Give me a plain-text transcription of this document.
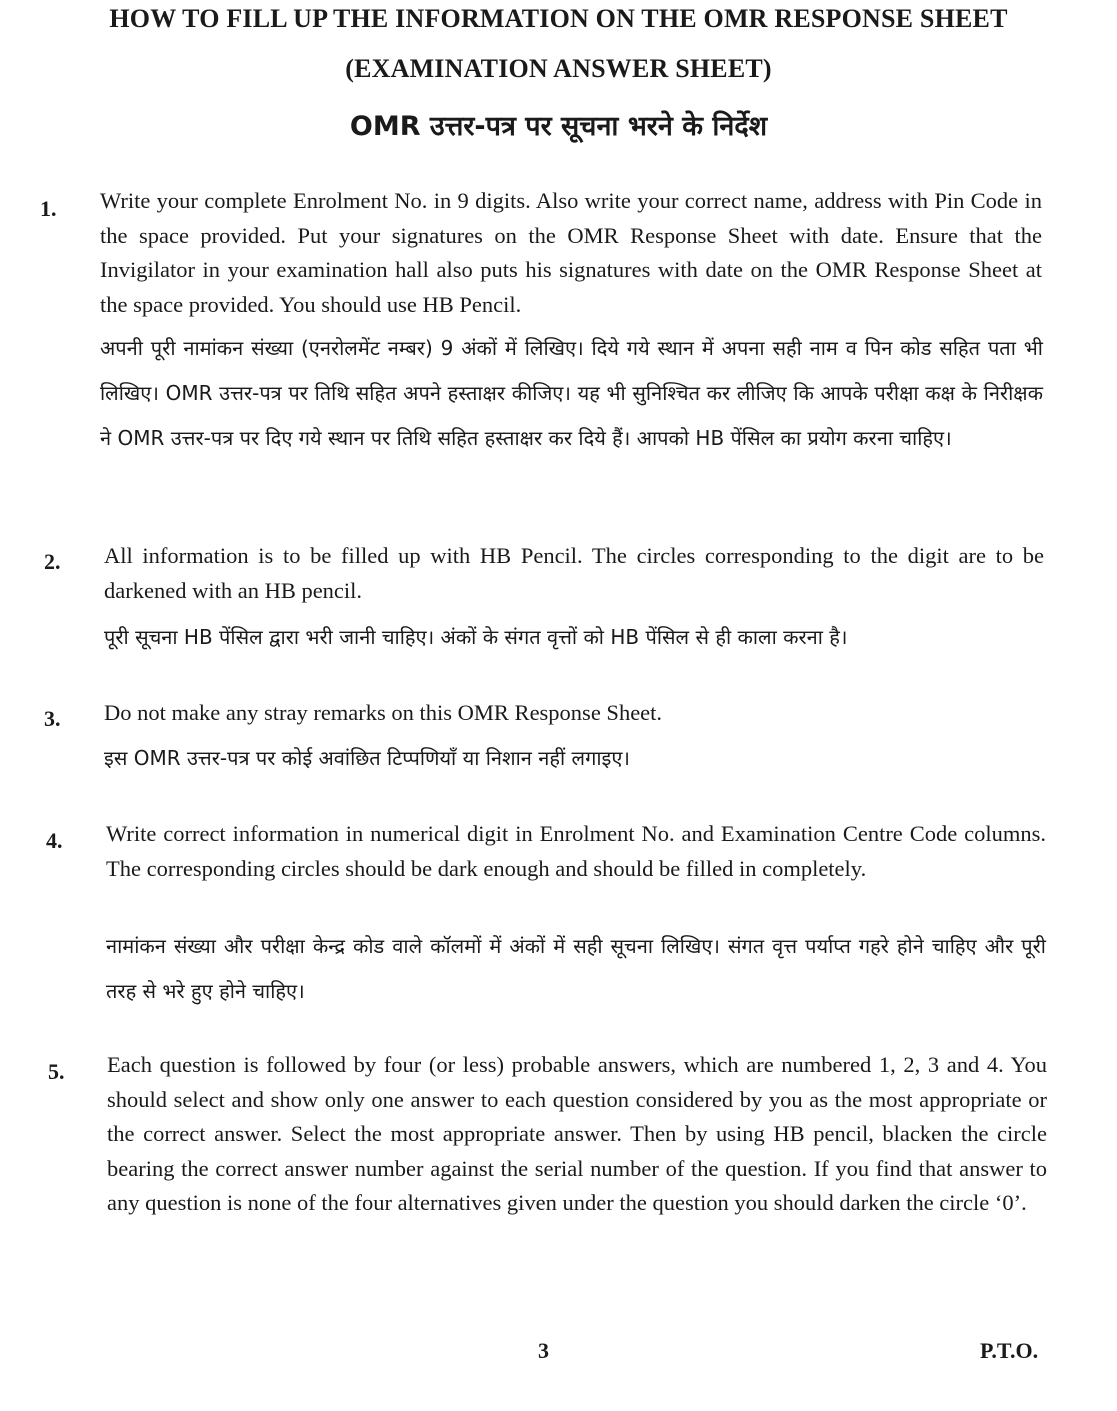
HOW TO FILL UP THE INFORMATION ON THE OMR RESPONSE SHEET
(EXAMINATION ANSWER SHEET)
OMR उत्तर-पत्र पर सूचना भरने के निर्देश
1. Write your complete Enrolment No. in 9 digits. Also write your correct name, address with Pin Code in the space provided. Put your signatures on the OMR Response Sheet with date. Ensure that the Invigilator in your examination hall also puts his signatures with date on the OMR Response Sheet at the space provided. You should use HB Pencil.
अपनी पूरी नामांकन संख्या (एनरोलमेंट नम्बर) 9 अंकों में लिखिए। दिये गये स्थान में अपना सही नाम व पिन कोड सहित पता भी लिखिए। OMR उत्तर-पत्र पर तिथि सहित अपने हस्ताक्षर कीजिए। यह भी सुनिश्चित कर लीजिए कि आपके परीक्षा कक्ष के निरीक्षक ने OMR उत्तर-पत्र पर दिए गये स्थान पर तिथि सहित हस्ताक्षर कर दिये हैं। आपको HB पेंसिल का प्रयोग करना चाहिए।
2. All information is to be filled up with HB Pencil. The circles corresponding to the digit are to be darkened with an HB pencil.
पूरी सूचना HB पेंसिल द्वारा भरी जानी चाहिए। अंकों के संगत वृत्तों को HB पेंसिल से ही काला करना है।
3. Do not make any stray remarks on this OMR Response Sheet.
इस OMR उत्तर-पत्र पर कोई अवांछित टिप्पणियाँ या निशान नहीं लगाइए।
4. Write correct information in numerical digit in Enrolment No. and Examination Centre Code columns. The corresponding circles should be dark enough and should be filled in completely.
नामांकन संख्या और परीक्षा केन्द्र कोड वाले कॉलमों में अंकों में सही सूचना लिखिए। संगत वृत्त पर्याप्त गहरे होने चाहिए और पूरी तरह से भरे हुए होने चाहिए।
5. Each question is followed by four (or less) probable answers, which are numbered 1, 2, 3 and 4. You should select and show only one answer to each question considered by you as the most appropriate or the correct answer. Select the most appropriate answer. Then by using HB pencil, blacken the circle bearing the correct answer number against the serial number of the question. If you find that answer to any question is none of the four alternatives given under the question you should darken the circle ‘0’.
3	P.T.O.
